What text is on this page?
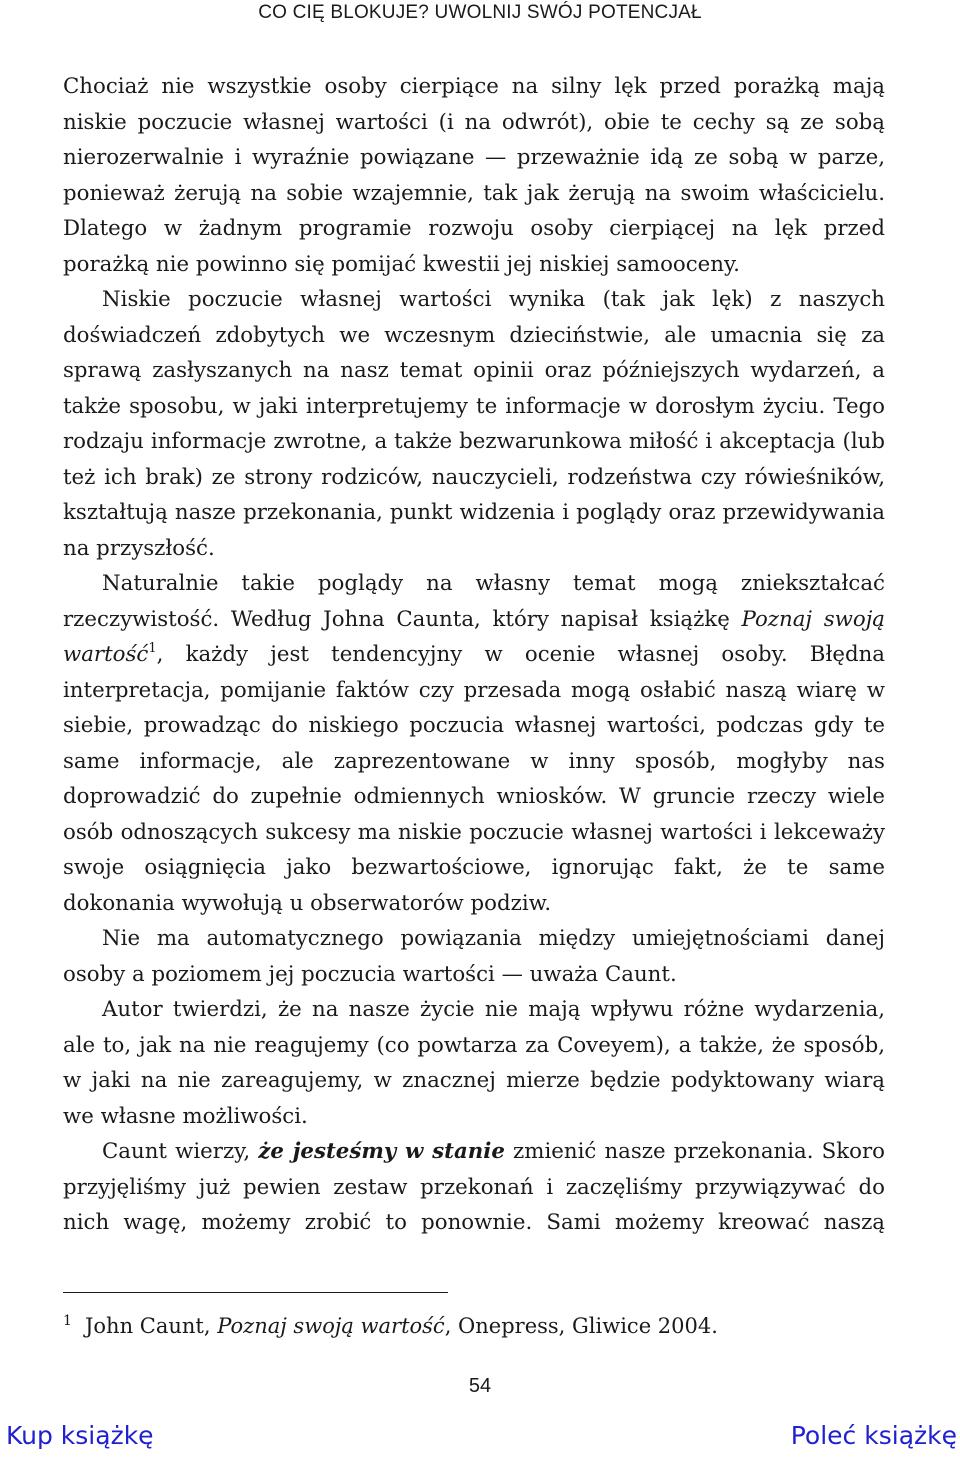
CO CIĘ BLOKUJE? UWOLNIJ SWÓJ POTENCJAŁ

Chociaż nie wszystkie osoby cierpiące na silny lęk przed porażką mają niskie poczucie własnej wartości (i na odwrót), obie te cechy są ze sobą nierozerwalnie i wyraźnie powiązane — przeważnie idą ze sobą w parze, ponieważ żerują na sobie wzajemnie, tak jak żerują na swoim właścicielu. Dlatego w żadnym programie rozwoju osoby cierpiącej na lęk przed porażką nie powinno się pomijać kwestii jej niskiej samooceny.

Niskie poczucie własnej wartości wynika (tak jak lęk) z naszych doświadczeń zdobytych we wczesnym dzieciństwie, ale umacnia się za sprawą zasłyszanych na nasz temat opinii oraz późniejszych wydarzeń, a także sposobu, w jaki interpretujemy te informacje w dorosłym życiu. Tego rodzaju informacje zwrotne, a także bezwarunkowa miłość i akceptacja (lub też ich brak) ze strony rodziców, nauczycieli, rodzeństwa czy rówieśników, kształtują nasze przekonania, punkt widzenia i poglądy oraz przewidywania na przyszłość.

Naturalnie takie poglądy na własny temat mogą zniekształcać rzeczywistość. Według Johna Caunta, który napisał książkę Poznaj swoją wartość$^1$, każdy jest tendencyjny w ocenie własnej osoby. Błędna interpretacja, pomijanie faktów czy przesada mogą osłabić naszą wiarę w siebie, prowadząc do niskiego poczucia własnej wartości, podczas gdy te same informacje, ale zaprezentowane w inny sposób, mogłyby nas doprowadzić do zupełnie odmiennych wniosków. W gruncie rzeczy wiele osób odnoszących sukcesy ma niskie poczucie własnej wartości i lekceważy swoje osiągnięcia jako bezwartościowe, ignorując fakt, że te same dokonania wywołują u obserwatorów podziw.

Nie ma automatycznego powiązania między umiejętnościami danej osoby a poziomem jej poczucia wartości — uważa Caunt.

Autor twierdzi, że na nasze życie nie mają wpływu różne wydarzenia, ale to, jak na nie reagujemy (co powtarza za Coveyem), a także, że sposób, w jaki na nie zareagujemy, w znacznej mierze będzie podyktowany wiarą we własne możliwości.

Caunt wierzy, że jesteśmy w stanie zmienić nasze przekonania. Skoro przyjęliśmy już pewien zestaw przekonań i zaczęliśmy przywiązywać do nich wagę, możemy zrobić to ponownie. Sami możemy kreować naszą

1 John Caunt, Poznaj swoją wartość, Onepress, Gliwice 2004.
54
Kup książkę	Poleć książkę
